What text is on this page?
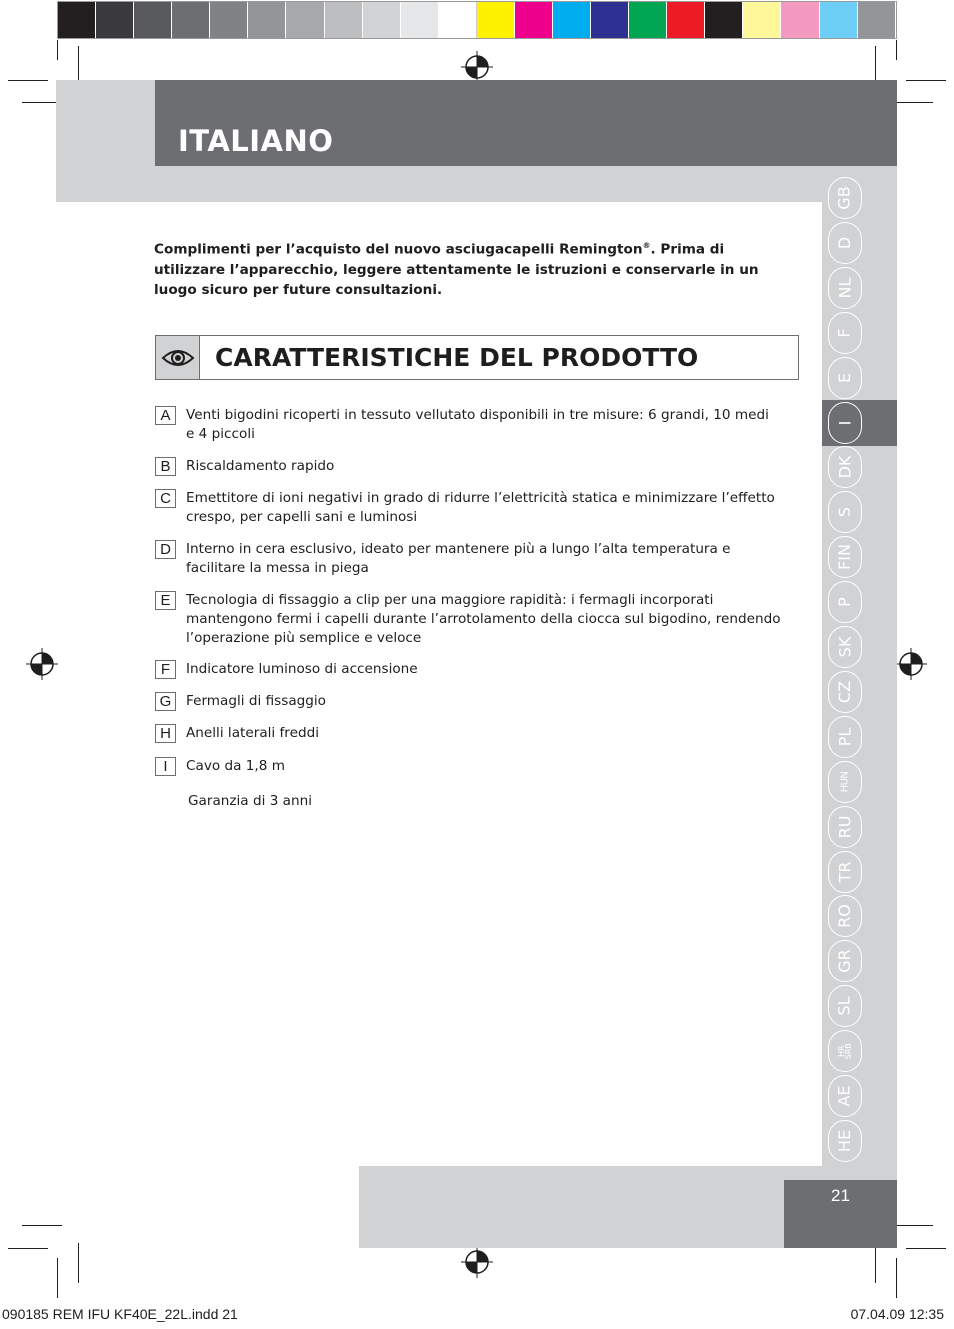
ITALIANO
GB
D
NL
F
E
I
DK
S
FIN
P
SK
CZ
PL
HUN
RU
TR
RO
GR
SL
HR
SRB
AE
HE
Complimenti per l’acquisto del nuovo asciugacapelli Remington®. Prima di utilizzare l’apparecchio, leggere attentamente le istruzioni e conservarle in un luogo sicuro per future consultazioni.
CARATTERISTICHE DEL PRODOTTO
A	Venti bigodini ricoperti in tessuto vellutato disponibili in tre misure: 6 grandi, 10 medi e 4 piccoli
B	Riscaldamento rapido
C	Emettitore di ioni negativi in grado di ridurre l’elettricità statica e minimizzare l’effetto crespo, per capelli sani e luminosi
D	Interno in cera esclusivo, ideato per mantenere più a lungo l’alta temperatura e facilitare la messa in piega
E	Tecnologia di fissaggio a clip per una maggiore rapidità: i fermagli incorporati mantengono fermi i capelli durante l’arrotolamento della ciocca sul bigodino, rendendo l’operazione più semplice e veloce
F	Indicatore luminoso di accensione
G	Fermagli di fissaggio
H	Anelli laterali freddi
I	Cavo da 1,8 m
Garanzia di 3 anni
21
090185 REM IFU KF40E_22L.indd 21	07.04.09 12:35
